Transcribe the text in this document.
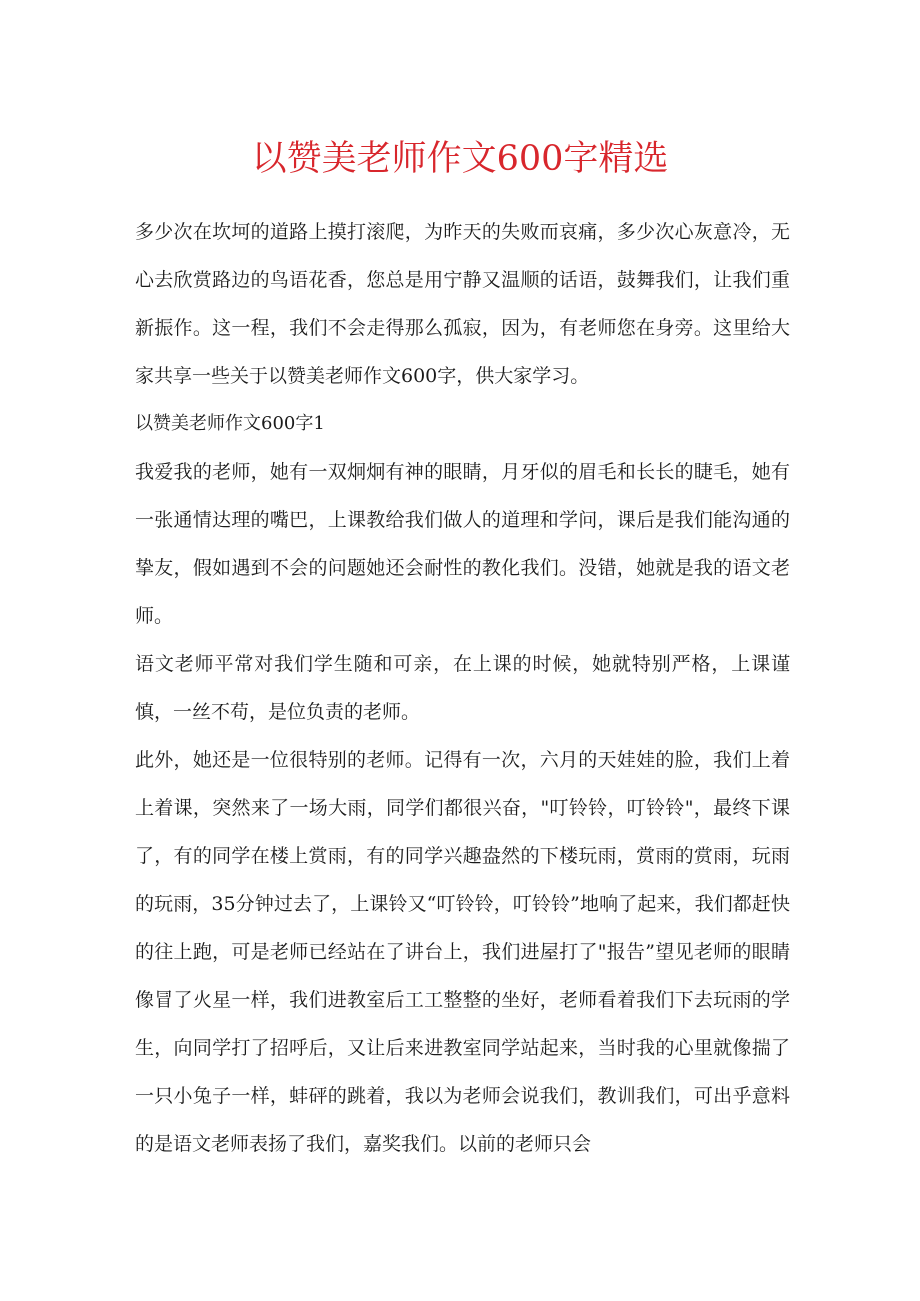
以赞美老师作文600字精选

多少次在坎坷的道路上摸打滚爬，为昨天的失败而哀痛，多少次心灰意冷，无心去欣赏路边的鸟语花香，您总是用宁静又温顺的话语，鼓舞我们，让我们重新振作。这一程，我们不会走得那么孤寂，因为，有老师您在身旁。这里给大家共享一些关于以赞美老师作文600字，供大家学习。

以赞美老师作文600字1

我爱我的老师，她有一双炯炯有神的眼睛，月牙似的眉毛和长长的睫毛，她有一张通情达理的嘴巴，上课教给我们做人的道理和学问，课后是我们能沟通的挚友，假如遇到不会的问题她还会耐性的教化我们。没错，她就是我的语文老师。

语文老师平常对我们学生随和可亲，在上课的时候，她就特别严格，上课谨慎，一丝不苟，是位负责的老师。

此外，她还是一位很特别的老师。记得有一次，六月的天娃娃的脸，我们上着上着课，突然来了一场大雨，同学们都很兴奋，"叮铃铃，叮铃铃"，最终下课了，有的同学在楼上赏雨，有的同学兴趣盎然的下楼玩雨，赏雨的赏雨，玩雨的玩雨，35分钟过去了，上课铃又“叮铃铃，叮铃铃”地响了起来，我们都赶快的往上跑，可是老师已经站在了讲台上，我们进屋打了"报告”望见老师的眼睛像冒了火星一样，我们进教室后工工整整的坐好，老师看着我们下去玩雨的学生，向同学打了招呼后，又让后来进教室同学站起来，当时我的心里就像揣了一只小兔子一样，蚌砰的跳着，我以为老师会说我们，教训我们，可出乎意料的是语文老师表扬了我们，嘉奖我们。以前的老师只会
